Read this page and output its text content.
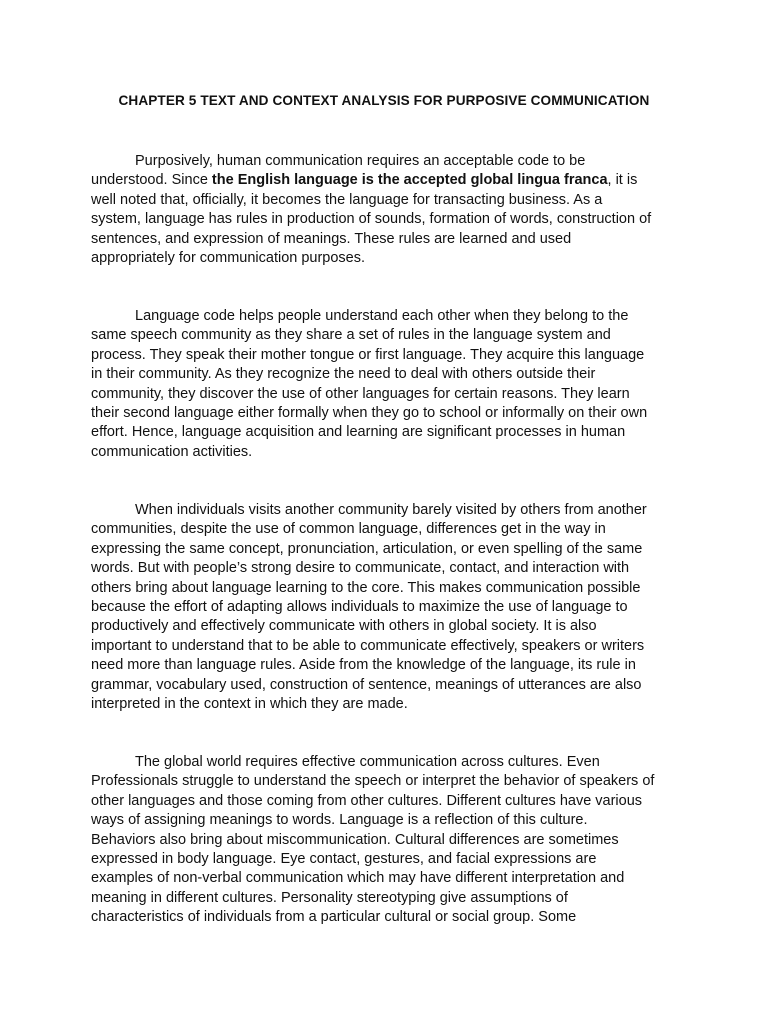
CHAPTER 5 TEXT AND CONTEXT ANALYSIS FOR PURPOSIVE COMMUNICATION
Purposively, human communication requires an acceptable code to be
understood. Since the English language is the accepted global lingua franca, it is
well noted that, officially, it becomes the language for transacting business. As a
system, language has rules in production of sounds, formation of words, construction of
sentences, and expression of meanings. These rules are learned and used
appropriately for communication purposes.
Language code helps people understand each other when they belong to the
same speech community as they share a set of rules in the language system and
process. They speak their mother tongue or first language. They acquire this language
in their community. As they recognize the need to deal with others outside their
community, they discover the use of other languages for certain reasons. They learn
their second language either formally when they go to school or informally on their own
effort. Hence, language acquisition and learning are significant processes in human
communication activities.
When individuals visits another community barely visited by others from another
communities, despite the use of common language, differences get in the way in
expressing the same concept, pronunciation, articulation, or even spelling of the same
words. But with people’s strong desire to communicate, contact, and interaction with
others bring about language learning to the core. This makes communication possible
because the effort of adapting allows individuals to maximize the use of language to
productively and effectively communicate with others in global society. It is also
important to understand that to be able to communicate effectively, speakers or writers
need more than language rules. Aside from the knowledge of the language, its rule in
grammar, vocabulary used, construction of sentence, meanings of utterances are also
interpreted in the context in which they are made.
The global world requires effective communication across cultures. Even
Professionals struggle to understand the speech or interpret the behavior of speakers of
other languages and those coming from other cultures. Different cultures have various
ways of assigning meanings to words. Language is a reflection of this culture.
Behaviors also bring about miscommunication. Cultural differences are sometimes
expressed in body language. Eye contact, gestures, and facial expressions are
examples of non-verbal communication which may have different interpretation and
meaning in different cultures. Personality stereotyping give assumptions of
characteristics of individuals from a particular cultural or social group. Some
